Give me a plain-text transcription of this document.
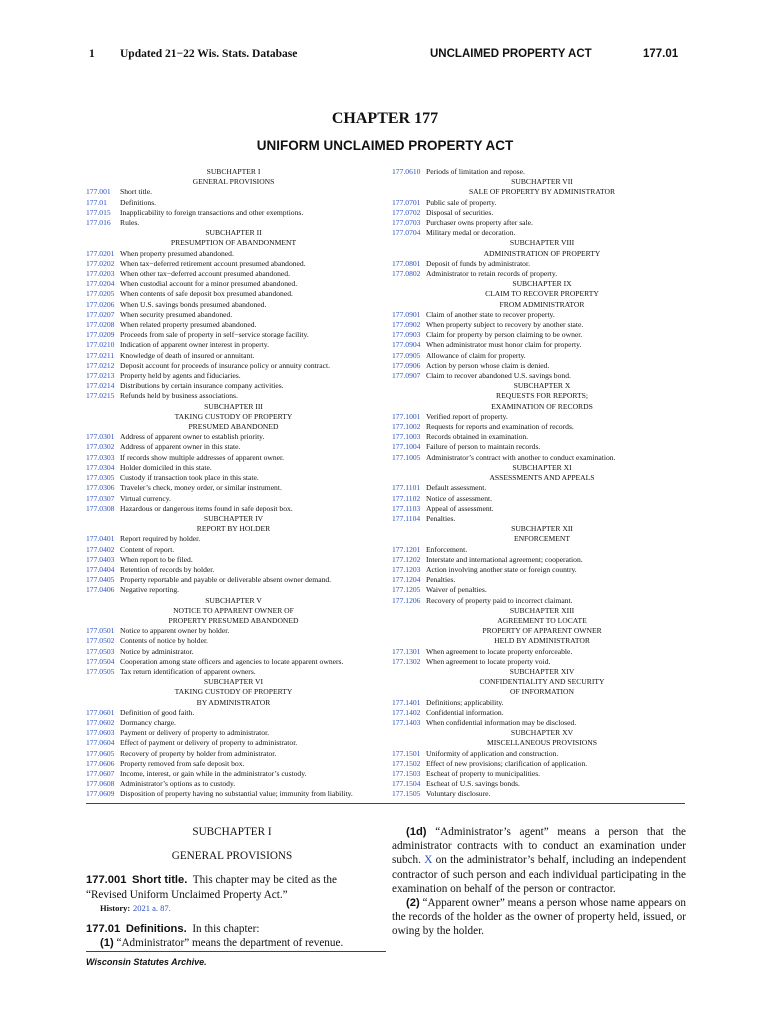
1 Updated 21−22 Wis. Stats. Database	UNCLAIMED PROPERTY ACT	177.01
CHAPTER 177
UNIFORM UNCLAIMED PROPERTY ACT
SUBCHAPTER I
GENERAL PROVISIONS
177.001	Short title.
177.01	Definitions.
177.015	Inapplicability to foreign transactions and other exemptions.
177.016	Rules.
SUBCHAPTER II
PRESUMPTION OF ABANDONMENT
177.0201 When property presumed abandoned.
177.0202 When tax−deferred retirement account presumed abandoned.
177.0203 When other tax−deferred account presumed abandoned.
177.0204 When custodial account for a minor presumed abandoned.
177.0205 When contents of safe deposit box presumed abandoned.
177.0206 When U.S. savings bonds presumed abandoned.
177.0207 When security presumed abandoned.
177.0208 When related property presumed abandoned.
177.0209 Proceeds from sale of property in self−service storage facility.
177.0210 Indication of apparent owner interest in property.
177.0211 Knowledge of death of insured or annuitant.
177.0212 Deposit account for proceeds of insurance policy or annuity contract.
177.0213 Property held by agents and fiduciaries.
177.0214 Distributions by certain insurance company activities.
177.0215 Refunds held by business associations.
SUBCHAPTER III
TAKING CUSTODY OF PROPERTY
PRESUMED ABANDONED
177.0301 Address of apparent owner to establish priority.
177.0302 Address of apparent owner in this state.
177.0303 If records show multiple addresses of apparent owner.
177.0304 Holder domiciled in this state.
177.0305 Custody if transaction took place in this state.
177.0306 Traveler’s check, money order, or similar instrument.
177.0307 Virtual currency.
177.0308 Hazardous or dangerous items found in safe deposit box.
SUBCHAPTER IV
REPORT BY HOLDER
177.0401 Report required by holder.
177.0402 Content of report.
177.0403 When report to be filed.
177.0404 Retention of records by holder.
177.0405 Property reportable and payable or deliverable absent owner demand.
177.0406 Negative reporting.
SUBCHAPTER V
NOTICE TO APPARENT OWNER OF
PROPERTY PRESUMED ABANDONED
177.0501 Notice to apparent owner by holder.
177.0502 Contents of notice by holder.
177.0503 Notice by administrator.
177.0504 Cooperation among state officers and agencies to locate apparent owners.
177.0505 Tax return identification of apparent owners.
SUBCHAPTER VI
TAKING CUSTODY OF PROPERTY
BY ADMINISTRATOR
177.0601 Definition of good faith.
177.0602 Dormancy charge.
177.0603 Payment or delivery of property to administrator.
177.0604 Effect of payment or delivery of property to administrator.
177.0605 Recovery of property by holder from administrator.
177.0606 Property removed from safe deposit box.
177.0607 Income, interest, or gain while in the administrator’s custody.
177.0608 Administrator’s options as to custody.
177.0609 Disposition of property having no substantial value; immunity from liability.
177.0610 Periods of limitation and repose.
SUBCHAPTER VII
SALE OF PROPERTY BY ADMINISTRATOR
177.0701 Public sale of property.
177.0702 Disposal of securities.
177.0703 Purchaser owns property after sale.
177.0704 Military medal or decoration.
SUBCHAPTER VIII
ADMINISTRATION OF PROPERTY
177.0801 Deposit of funds by administrator.
177.0802 Administrator to retain records of property.
SUBCHAPTER IX
CLAIM TO RECOVER PROPERTY
FROM ADMINISTRATOR
177.0901 Claim of another state to recover property.
177.0902 When property subject to recovery by another state.
177.0903 Claim for property by person claiming to be owner.
177.0904 When administrator must honor claim for property.
177.0905 Allowance of claim for property.
177.0906 Action by person whose claim is denied.
177.0907 Claim to recover abandoned U.S. savings bond.
SUBCHAPTER X
REQUESTS FOR REPORTS;
EXAMINATION OF RECORDS
177.1001 Verified report of property.
177.1002 Requests for reports and examination of records.
177.1003 Records obtained in examination.
177.1004 Failure of person to maintain records.
177.1005 Administrator’s contract with another to conduct examination.
SUBCHAPTER XI
ASSESSMENTS AND APPEALS
177.1101 Default assessment.
177.1102 Notice of assessment.
177.1103 Appeal of assessment.
177.1104 Penalties.
SUBCHAPTER XII
ENFORCEMENT
177.1201 Enforcement.
177.1202 Interstate and international agreement; cooperation.
177.1203 Action involving another state or foreign country.
177.1204 Penalties.
177.1205 Waiver of penalties.
177.1206 Recovery of property paid to incorrect claimant.
SUBCHAPTER XIII
AGREEMENT TO LOCATE
PROPERTY OF APPARENT OWNER
HELD BY ADMINISTRATOR
177.1301 When agreement to locate property enforceable.
177.1302 When agreement to locate property void.
SUBCHAPTER XIV
CONFIDENTIALITY AND SECURITY
OF INFORMATION
177.1401 Definitions; applicability.
177.1402 Confidential information.
177.1403 When confidential information may be disclosed.
SUBCHAPTER XV
MISCELLANEOUS PROVISIONS
177.1501 Uniformity of application and construction.
177.1502 Effect of new provisions; clarification of application.
177.1503 Escheat of property to municipalities.
177.1504 Escheat of U.S. savings bonds.
177.1505 Voluntary disclosure.
SUBCHAPTER I
GENERAL PROVISIONS
177.001 Short title. This chapter may be cited as the “Revised Uniform Unclaimed Property Act.”
History: 2021 a. 87.
177.01 Definitions. In this chapter:
(1) “Administrator” means the department of revenue.
(1d) “Administrator’s agent” means a person that the administrator contracts with to conduct an examination under subch. X on the administrator’s behalf, including an independent contractor of such person and each individual participating in the examination on behalf of the person or contractor.
(2) “Apparent owner” means a person whose name appears on the records of the holder as the owner of property held, issued, or owing by the holder.
Wisconsin Statutes Archive.
